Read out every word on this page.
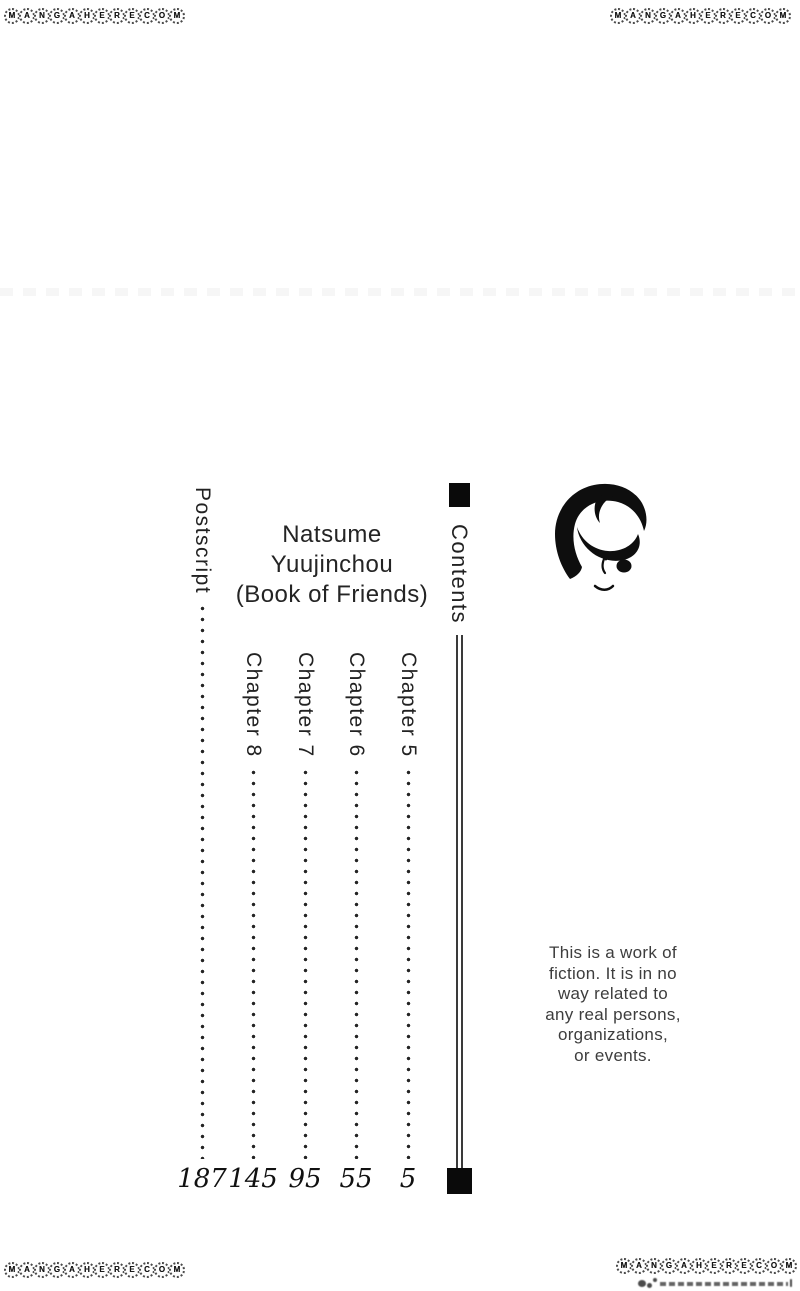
M	A	N	G	A	H	E	R	E	C	O	M	M	A	N	G	A	H	E	R	E	C	O	M
M	A	N	G	A	H	E	R	E	C	O	M	M	A	N	G	A	H	E	R	E	C	O	M
Natsume
Yuujinchou
(Book of Friends) Contents
Chapter 5
5
Chapter 6
55
Chapter 7
95
Chapter 8
145
Postscript
187
This is a work of
fiction. It is in no
way related to
any real persons,
organizations,
or events.
